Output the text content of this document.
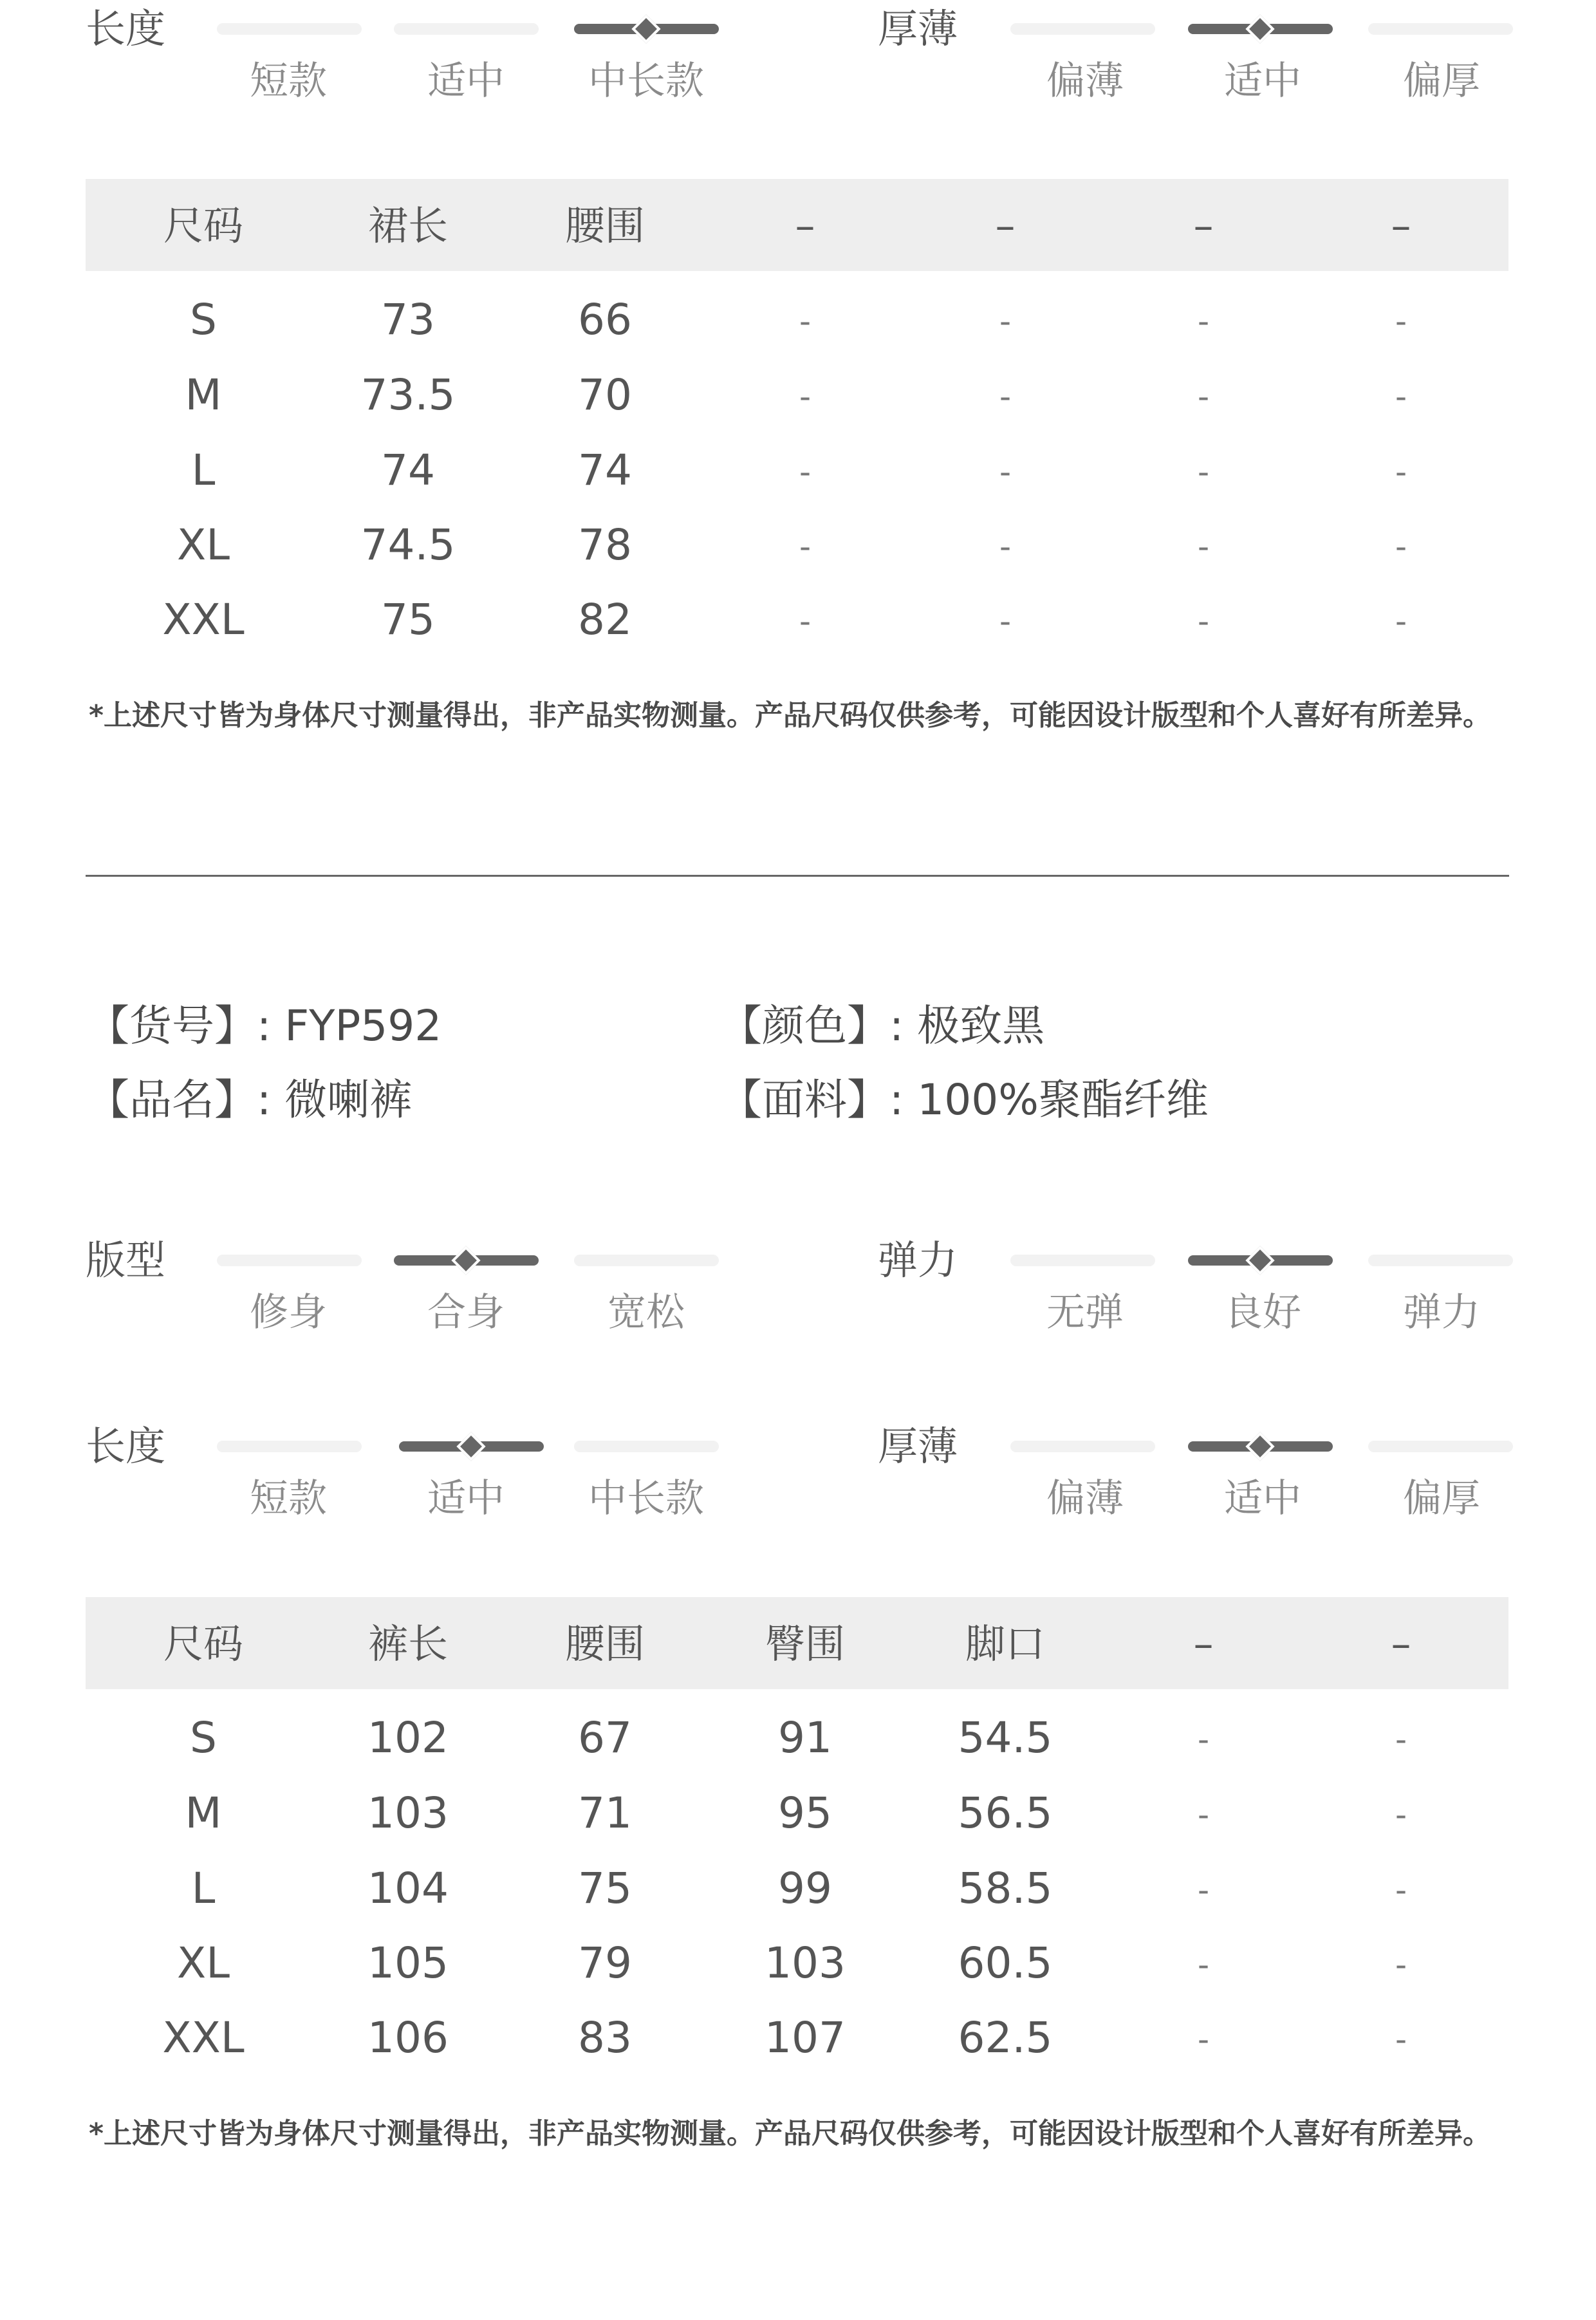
长度
短款	适中 中长款
厚薄
偏薄	适中	偏厚
尺码	裙长	腰围	–	–	–	–
S	73	66	-	-	-	-
M	73.5	70	-	-	-	-
L	74	74	-	-	-	-
XL	74.5	78	-	-	-	-
XXL	75	82	-	-	-	-
*上述尺寸皆为身体尺寸测量得出，非产品实物测量。产品尺码仅供参考，可能因设计版型和个人喜好有所差异。
【货号】: FYP592	【颜色】: 极致黑
【品名】: 微喇裤	【面料】: 100%聚酯纤维
版型
修身	合身	宽松
弹力
无弹	良好	弹力
长度
短款	适中 中长款
厚薄
偏薄	适中	偏厚
尺码	裤长	腰围	臀围	脚口	–	–
S	102	67	91	54.5	-	-
M	103	71	95	56.5	-	-
L	104	75	99	58.5	-	-
XL	105	79	103	60.5	-	-
XXL	106	83	107	62.5	-	-
*上述尺寸皆为身体尺寸测量得出，非产品实物测量。产品尺码仅供参考，可能因设计版型和个人喜好有所差异。
